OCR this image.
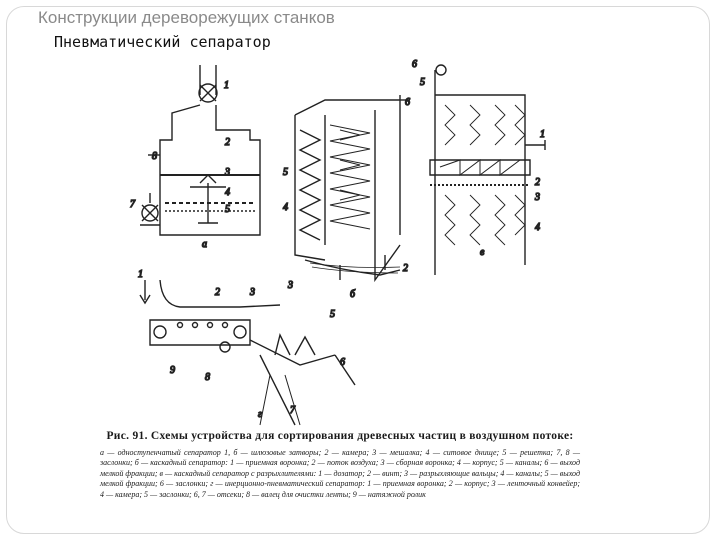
Конструкции дереворежущих станков
Пневматический сепаратор
1
2
8
3
4
5
7
а
5
4
6
2
3
б
6
5
1
2
3
4
в
1
2	3
5
9
8
6
7
г
Рис. 91. Схемы устройства для сортирования древесных частиц в воздушном потоке:
а — одноступенчатый сепаратор 1, б — шлюзовые затворы; 2 — камера; 3 — мешалка; 4 — ситовое днище; 5 — решетка; 7, 8 — заслонки; б — каскадный сепаратор: 1 — приемная воронка; 2 — поток воздуха; 3 — сборная воронка; 4 — корпус; 5 — каналы; 6 — выход мелкой фракции; в — каскадный сепаратор с разрыхлителями: 1 — дозатор; 2 — винт; 3 — разрыхляющие вальцы; 4 — каналы; 5 — выход мелкой фракции; 6 — заслонки; г — инерционно-пневматический сепаратор: 1 — приемная воронка; 2 — корпус; 3 — ленточный конвейер; 4 — камера; 5 — заслонки; 6, 7 — отсеки; 8 — валец для очистки ленты; 9 — натяжной ролик
